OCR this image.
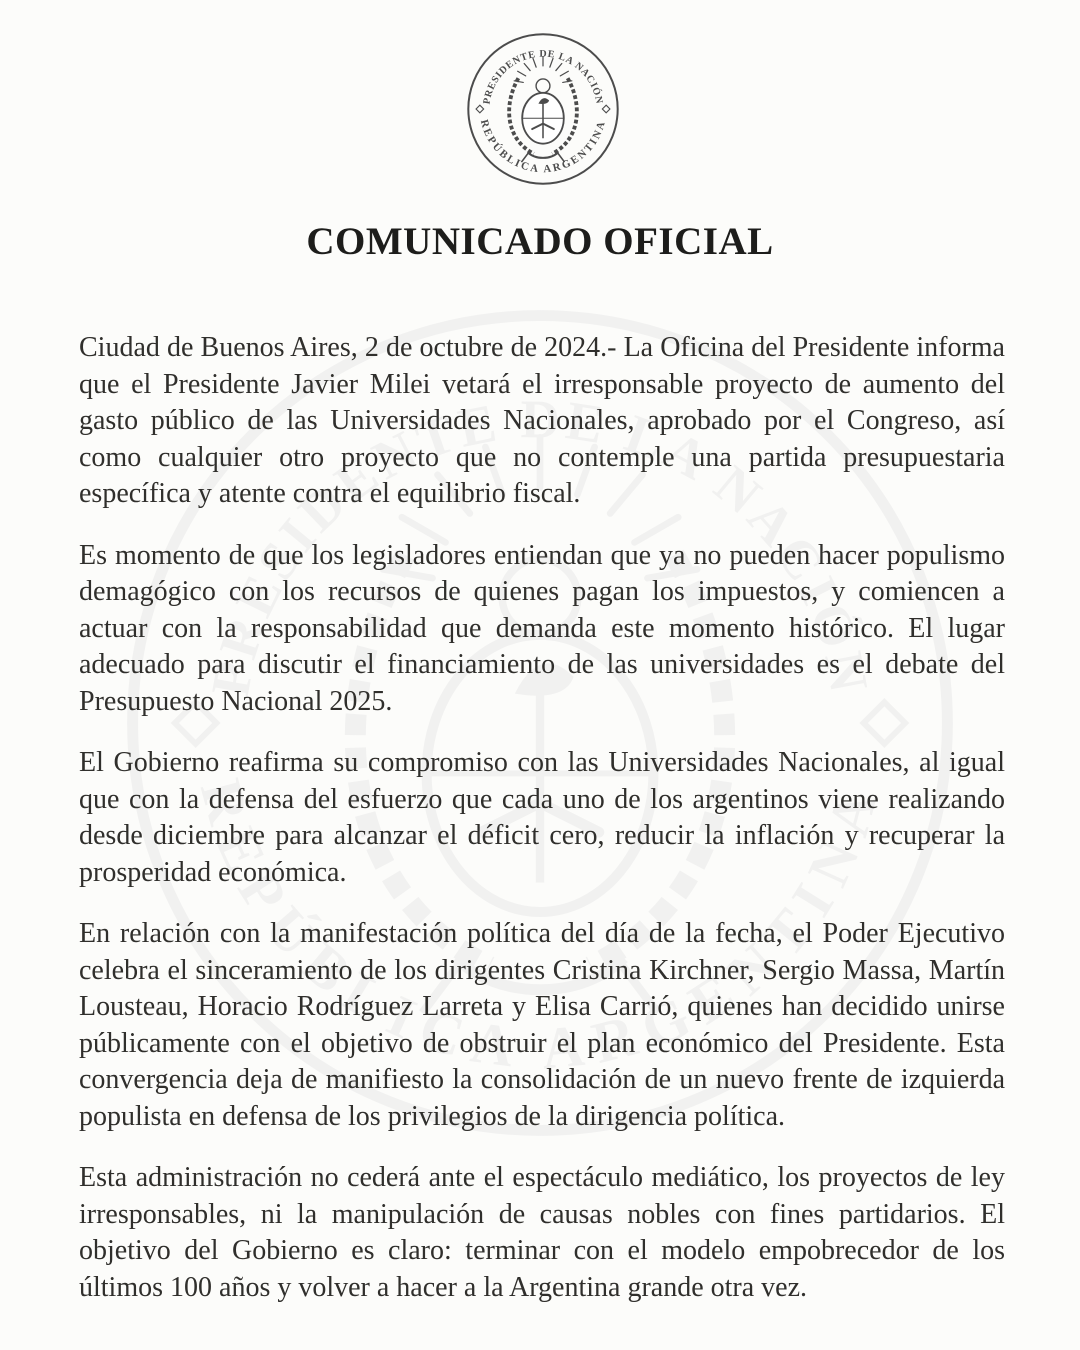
COMUNICADO OFICIAL

Ciudad de Buenos Aires, 2 de octubre de 2024.- La Oficina del Presidente informa que el Presidente Javier Milei vetará el irresponsable proyecto de aumento del gasto público de las Universidades Nacionales, aprobado por el Congreso, así como cualquier otro proyecto que no contemple una partida presupuestaria específica y atente contra el equilibrio fiscal.

Es momento de que los legisladores entiendan que ya no pueden hacer populismo demagógico con los recursos de quienes pagan los impuestos, y comiencen a actuar con la responsabilidad que demanda este momento histórico. El lugar adecuado para discutir el financiamiento de las universidades es el debate del Presupuesto Nacional 2025.

El Gobierno reafirma su compromiso con las Universidades Nacionales, al igual que con la defensa del esfuerzo que cada uno de los argentinos viene realizando desde diciembre para alcanzar el déficit cero, reducir la inflación y recuperar la prosperidad económica.

En relación con la manifestación política del día de la fecha, el Poder Ejecutivo celebra el sinceramiento de los dirigentes Cristina Kirchner, Sergio Massa, Martín Lousteau, Horacio Rodríguez Larreta y Elisa Carrió, quienes han decidido unirse públicamente con el objetivo de obstruir el plan económico del Presidente. Esta convergencia deja de manifiesto la consolidación de un nuevo frente de izquierda populista en defensa de los privilegios de la dirigencia política.

Esta administración no cederá ante el espectáculo mediático, los proyectos de ley irresponsables, ni la manipulación de causas nobles con fines partidarios. El objetivo del Gobierno es claro: terminar con el modelo empobrecedor de los últimos 100 años y volver a hacer a la Argentina grande otra vez.
